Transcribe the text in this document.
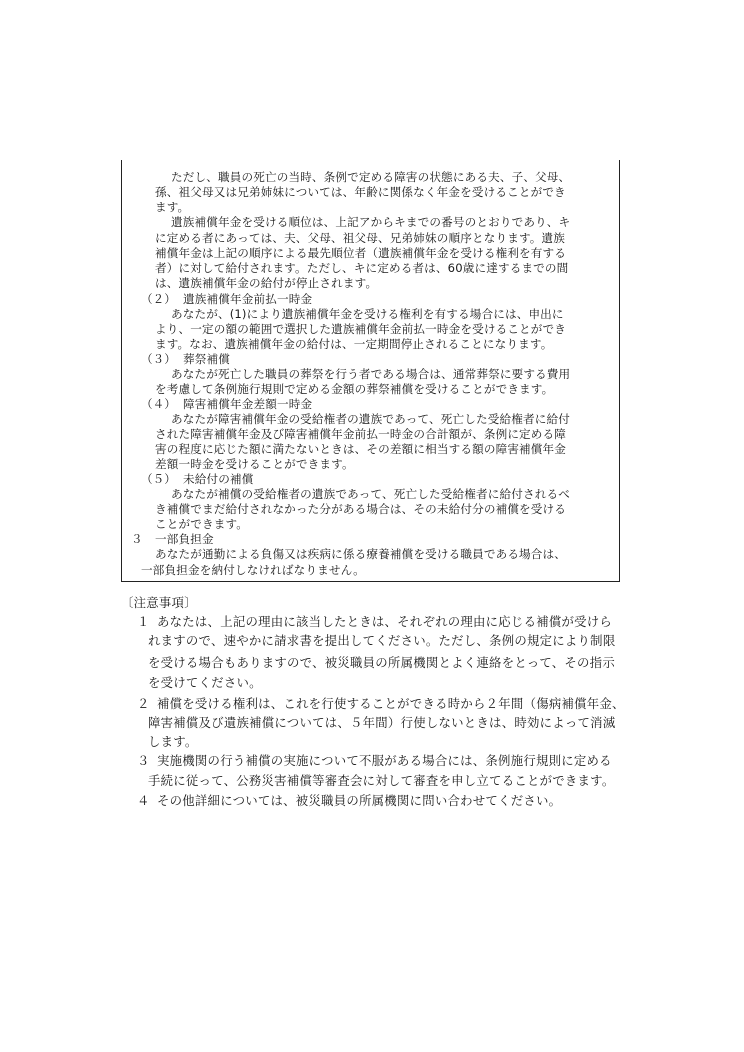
ただし、職員の死亡の当時、条例で定める障害の状態にある夫、子、父母、
孫、祖父母又は兄弟姉妹については、年齢に関係なく年金を受けることができ
ます。
遺族補償年金を受ける順位は、上記アからキまでの番号のとおりであり、キ
に定める者にあっては、夫、父母、祖父母、兄弟姉妹の順序となります。遺族
補償年金は上記の順序による最先順位者（遺族補償年金を受ける権利を有する
者）に対して給付されます。ただし、キに定める者は、60歳に達するまでの間
は、遺族補償年金の給付が停止されます。
（２） 遺族補償年金前払一時金
あなたが、(1)により遺族補償年金を受ける権利を有する場合には、申出に
より、一定の額の範囲で選択した遺族補償年金前払一時金を受けることができ
ます。なお、遺族補償年金の給付は、一定期間停止されることになります。
（３） 葬祭補償
あなたが死亡した職員の葬祭を行う者である場合は、通常葬祭に要する費用
を考慮して条例施行規則で定める金額の葬祭補償を受けることができます。
（４） 障害補償年金差額一時金
あなたが障害補償年金の受給権者の遺族であって、死亡した受給権者に給付
された障害補償年金及び障害補償年金前払一時金の合計額が、条例に定める障
害の程度に応じた額に満たないときは、その差額に相当する額の障害補償年金
差額一時金を受けることができます。
（５） 未給付の補償
あなたが補償の受給権者の遺族であって、死亡した受給権者に給付されるべ
き補償でまだ給付されなかった分がある場合は、その未給付分の補償を受ける
ことができます。
３ 一部負担金
あなたが通勤による負傷又は疾病に係る療養補償を受ける職員である場合は、
一部負担金を納付しなければなりません。
〔注意事項〕
１ あなたは、上記の理由に該当したときは、それぞれの理由に応じる補償が受けら
れますので、速やかに請求書を提出してください。ただし、条例の規定により制限
を受ける場合もありますので、被災職員の所属機関とよく連絡をとって、その指示
を受けてください。
２ 補償を受ける権利は、これを行使することができる時から２年間（傷病補償年金、
障害補償及び遺族補償については、５年間）行使しないときは、時効によって消滅
します。
３ 実施機関の行う補償の実施について不服がある場合には、条例施行規則に定める
手続に従って、公務災害補償等審査会に対して審査を申し立てることができます。
４ その他詳細については、被災職員の所属機関に問い合わせてください。
